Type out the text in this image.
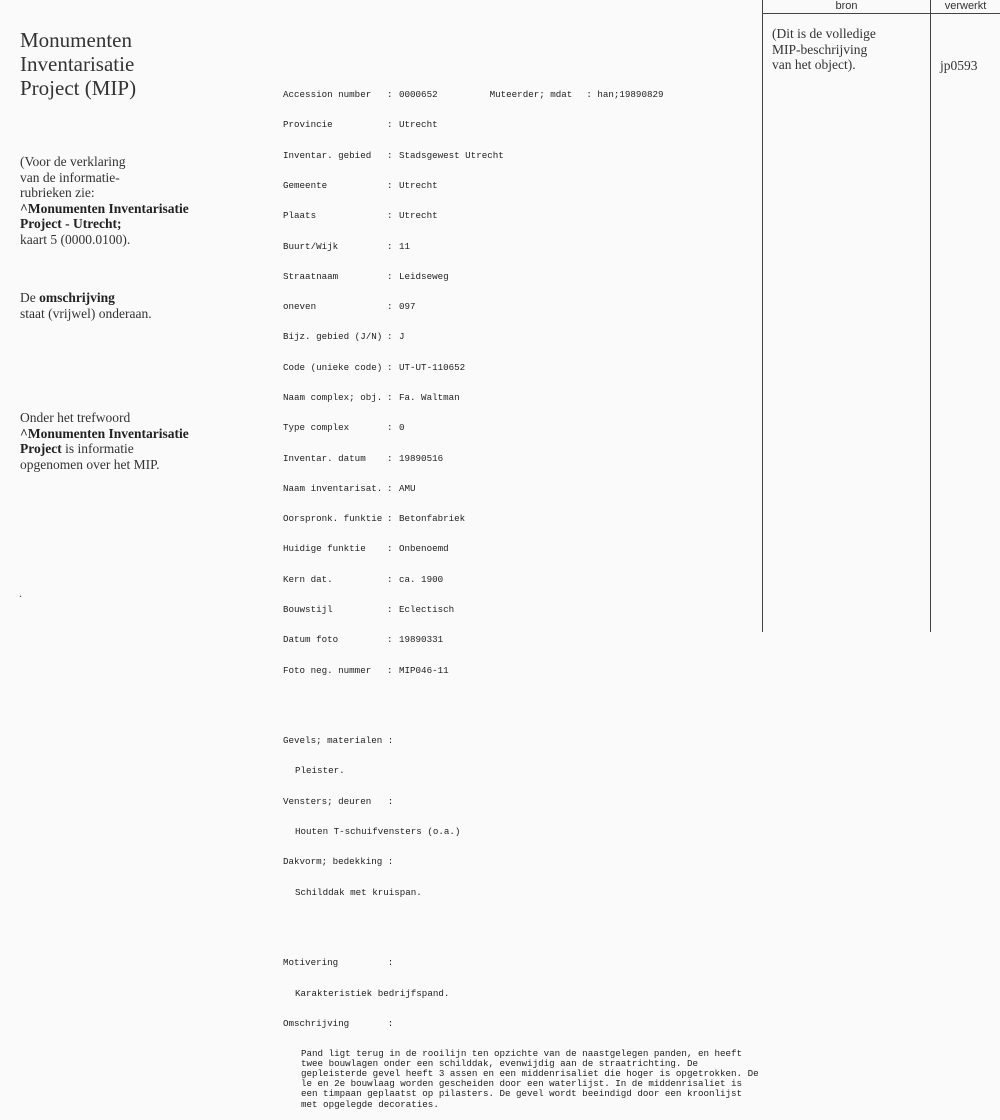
Monumenten
Inventarisatie
Project (MIP)
(Voor de verklaring
van de informatie-
rubrieken zie:
^Monumenten Inventarisatie
Project - Utrecht;
kaart 5 (0000.0100).
De omschrijving
staat (vrijwel) onderaan.
Onder het trefwoord
^Monumenten Inventarisatie
Project is informatie
opgenomen over het MIP.
.

Accession number	: 0000652	Muteerder; mdat : han;19890829

Provincie	: Utrecht

Inventar. gebied	: Stadsgewest Utrecht

Gemeente	: Utrecht

Plaats	: Utrecht

Buurt/Wijk	: 11

Straatnaam	: Leidseweg

oneven	: 097

Bijz. gebied (J/N) : J

Code (unieke code) : UT-UT-110652

Naam complex; obj. : Fa. Waltman

Type complex	: 0

Inventar. datum	: 19890516

Naam inventarisat. : AMU

Oorspronk. funktie : Betonfabriek

Huidige funktie	: Onbenoemd

Kern dat.	: ca. 1900

Bouwstijl	: Eclectisch

Datum foto	: 19890331

Foto neg. nummer	: MIP046-11

Gevels; materialen :

Pleister.

Vensters; deuren   :

Houten T-schuifvensters (o.a.)

Dakvorm; bedekking :

Schilddak met kruispan.

Motivering         :

Karakteristiek bedrijfspand.

Omschrijving       :

Pand ligt terug in de rooilijn ten opzichte van de naastgelegen panden, en heeft twee bouwlagen onder een schilddak, evenwijdig aan de straatrichting. De gepleisterde gevel heeft 3 assen en een middenrisaliet die hoger is opgetrokken. De le en 2e bouwlaag worden gescheiden door een waterlijst. In de middenrisaliet is een timpaan geplaatst op pilasters. De gevel wordt beeindigd door een kroonlijst met opgelegde decoraties.

bron	verwerkt
(Dit is de volledige
MIP-beschrijving
van het object).	jp0593
